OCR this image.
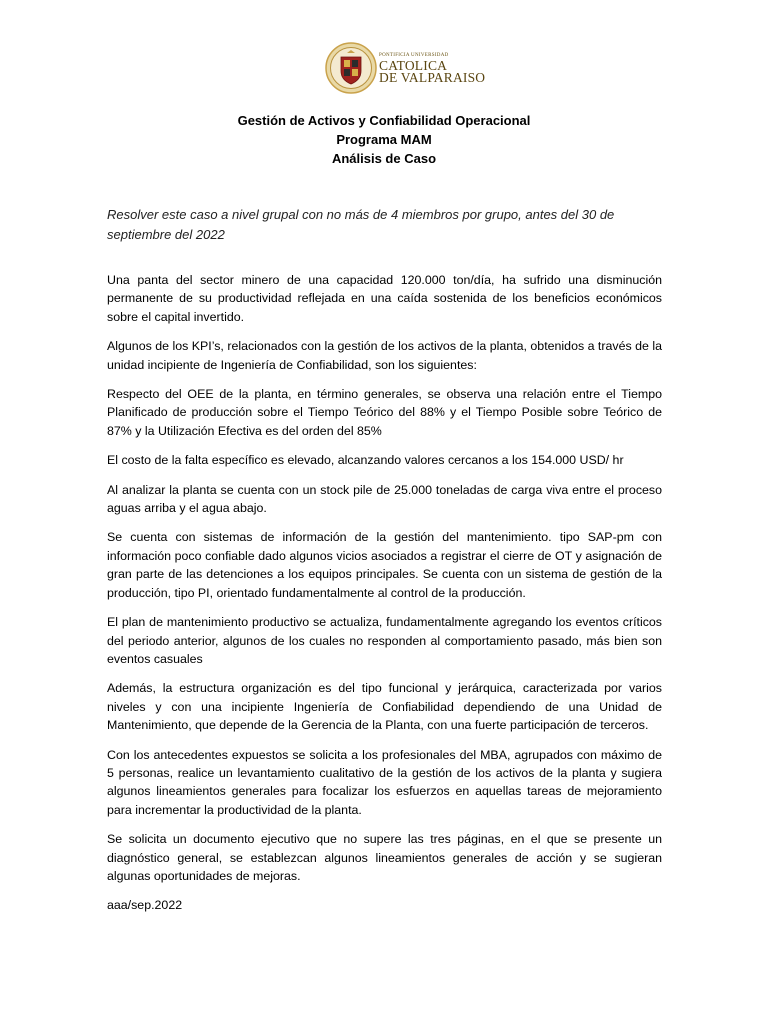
PONTIFICIA UNIVERSIDAD
CATOLICA
DE VALPARAISO
Gestión de Activos y Confiabilidad Operacional
Programa MAM
Análisis de Caso
Resolver este caso a nivel grupal con no más de 4 miembros por grupo, antes del 30 de septiembre del 2022

Una panta del sector minero de una capacidad 120.000 ton/día, ha sufrido una disminución permanente de su productividad reflejada en una caída sostenida de los beneficios económicos sobre el capital invertido.

Algunos de los KPI’s, relacionados con la gestión de los activos de la planta, obtenidos a través de la unidad incipiente de Ingeniería de Confiabilidad, son los siguientes:

Respecto del OEE de la planta, en término generales, se observa una relación entre el Tiempo Planificado de producción sobre el Tiempo Teórico del 88% y el Tiempo Posible sobre Teórico de 87% y la Utilización Efectiva es del orden del 85%

El costo de la falta específico es elevado, alcanzando valores cercanos a los 154.000 USD/ hr

Al analizar la planta se cuenta con un stock pile de 25.000 toneladas de carga viva entre el proceso aguas arriba y el agua abajo.

Se cuenta con sistemas de información de la gestión del mantenimiento. tipo SAP-pm con información poco confiable dado algunos vicios asociados a registrar el cierre de OT y asignación de gran parte de las detenciones a los equipos principales. Se cuenta con un sistema de gestión de la producción, tipo PI, orientado fundamentalmente al control de la producción.

El plan de mantenimiento productivo se actualiza, fundamentalmente agregando los eventos críticos del periodo anterior, algunos de los cuales no responden al comportamiento pasado, más bien son eventos casuales

Además, la estructura organización es del tipo funcional y jerárquica, caracterizada por varios niveles y con una incipiente Ingeniería de Confiabilidad dependiendo de una Unidad de Mantenimiento, que depende de la Gerencia de la Planta, con una fuerte participación de terceros.

Con los antecedentes expuestos se solicita a los profesionales del MBA, agrupados con máximo de 5 personas, realice un levantamiento cualitativo de la gestión de los activos de la planta y sugiera algunos lineamientos generales para focalizar los esfuerzos en aquellas tareas de mejoramiento para incrementar la productividad de la planta.

Se solicita un documento ejecutivo que no supere las tres páginas, en el que se presente un diagnóstico general, se establezcan algunos lineamientos generales de acción y se sugieran algunas oportunidades de mejoras.

aaa/sep.2022
